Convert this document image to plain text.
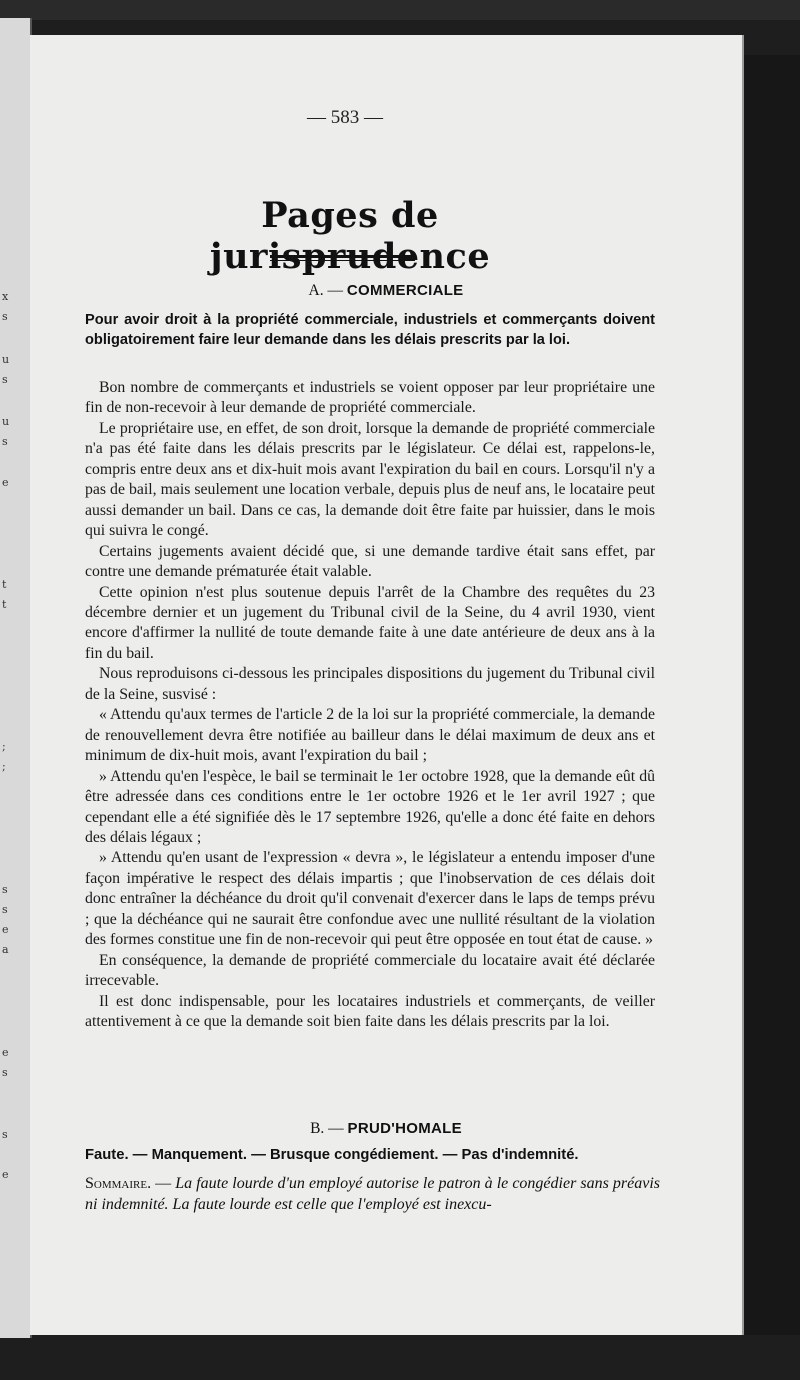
x
s
u
s
u
s
e
t
t
;
;
s
s
e
a
e
s
s
e
— 583 —
Pages de jurisprudence
A. — COMMERCIALE
Pour avoir droit à la propriété commerciale, industriels et commerçants doivent obligatoirement faire leur demande dans les délais prescrits par la loi.

Bon nombre de commerçants et industriels se voient opposer par leur propriétaire une fin de non-recevoir à leur demande de propriété commerciale.

Le propriétaire use, en effet, de son droit, lorsque la demande de propriété commerciale n'a pas été faite dans les délais prescrits par le législateur. Ce délai est, rappelons-le, compris entre deux ans et dix-huit mois avant l'expiration du bail en cours. Lorsqu'il n'y a pas de bail, mais seulement une location verbale, depuis plus de neuf ans, le locataire peut aussi demander un bail. Dans ce cas, la demande doit être faite par huissier, dans le mois qui suivra le congé.

Certains jugements avaient décidé que, si une demande tardive était sans effet, par contre une demande prématurée était valable.

Cette opinion n'est plus soutenue depuis l'arrêt de la Chambre des requêtes du 23 décembre dernier et un jugement du Tribunal civil de la Seine, du 4 avril 1930, vient encore d'affirmer la nullité de toute demande faite à une date antérieure de deux ans à la fin du bail.

Nous reproduisons ci-dessous les principales dispositions du jugement du Tribunal civil de la Seine, susvisé :

« Attendu qu'aux termes de l'article 2 de la loi sur la propriété commerciale, la demande de renouvellement devra être notifiée au bailleur dans le délai maximum de deux ans et minimum de dix-huit mois, avant l'expiration du bail ;

» Attendu qu'en l'espèce, le bail se terminait le 1er octobre 1928, que la demande eût dû être adressée dans ces conditions entre le 1er octobre 1926 et le 1er avril 1927 ; que cependant elle a été signifiée dès le 17 septembre 1926, qu'elle a donc été faite en dehors des délais légaux ;

» Attendu qu'en usant de l'expression « devra », le législateur a entendu imposer d'une façon impérative le respect des délais impartis ; que l'inobservation de ces délais doit donc entraîner la déchéance du droit qu'il convenait d'exercer dans le laps de temps prévu ; que la déchéance qui ne saurait être confondue avec une nullité résultant de la violation des formes constitue une fin de non-recevoir qui peut être opposée en tout état de cause. »

En conséquence, la demande de propriété commerciale du locataire avait été déclarée irrecevable.

Il est donc indispensable, pour les locataires industriels et commerçants, de veiller attentivement à ce que la demande soit bien faite dans les délais prescrits par la loi.

B. — PRUD'HOMALE
Faute. — Manquement. — Brusque congédiement. — Pas d'indemnité.
Sommaire. — La faute lourde d'un employé autorise le patron à le congédier sans préavis ni indemnité. La faute lourde est celle que l'employé est inexcu-
